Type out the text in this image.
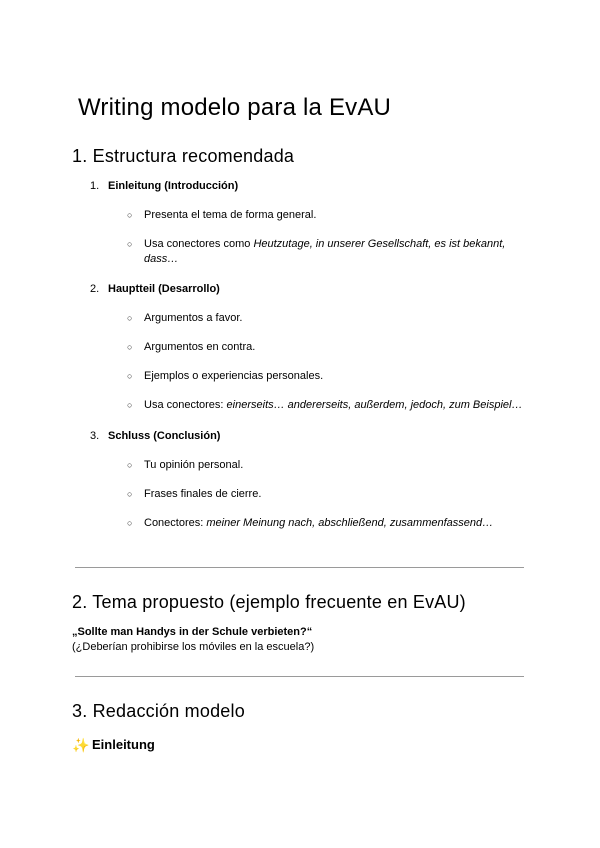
Writing modelo para la EvAU
1. Estructura recomendada
1. Einleitung (Introducción)
○ Presenta el tema de forma general.
○ Usa conectores como Heutzutage, in unserer Gesellschaft, es ist bekannt, dass…
2. Hauptteil (Desarrollo)
○ Argumentos a favor.
○ Argumentos en contra.
○ Ejemplos o experiencias personales.
○ Usa conectores: einerseits… andererseits, außerdem, jedoch, zum Beispiel…
3. Schluss (Conclusión)
○ Tu opinión personal.
○ Frases finales de cierre.
○ Conectores: meiner Meinung nach, abschließend, zusammenfassend…
2. Tema propuesto (ejemplo frecuente en EvAU)
„Sollte man Handys in der Schule verbieten?“
(¿Deberían prohibirse los móviles en la escuela?)
3. Redacción modelo
✨ Einleitung
